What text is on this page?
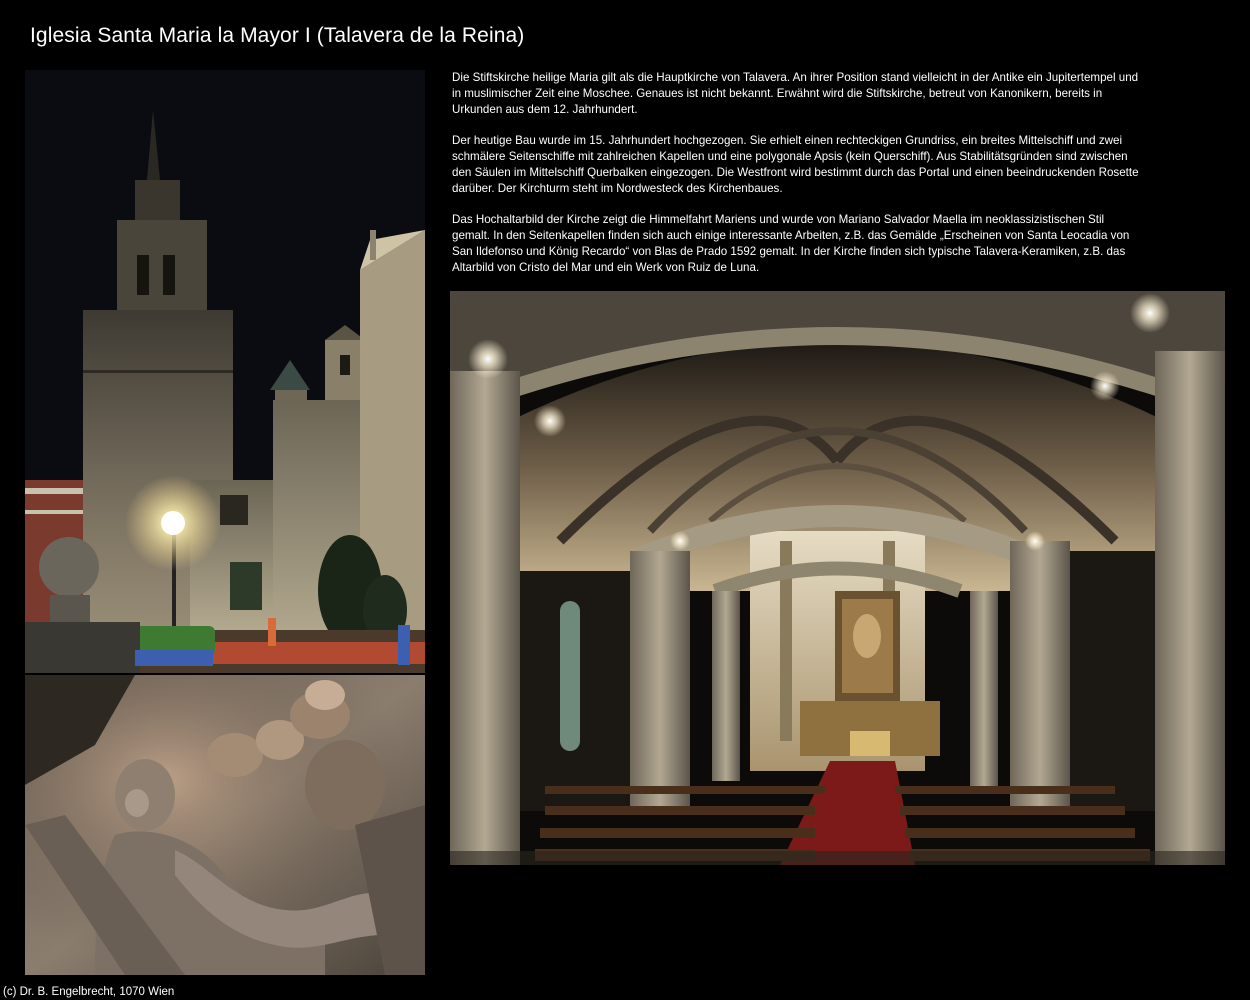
Iglesia Santa Maria la Mayor I (Talavera de la Reina)

Die Stiftskirche heilige Maria gilt als die Hauptkirche von Talavera. An ihrer Position stand vielleicht in der Antike ein Jupitertempel und in muslimischer Zeit eine Moschee. Genaues ist nicht bekannt. Erwähnt wird die Stiftskirche, betreut von Kanonikern, bereits in Urkunden aus dem 12. Jahrhundert.

Der heutige Bau wurde im 15. Jahrhundert hochgezogen. Sie erhielt einen rechteckigen Grundriss, ein breites Mittelschiff und zwei schmälere Seitenschiffe mit zahlreichen Kapellen und eine polygonale Apsis (kein Querschiff). Aus Stabilitätsgründen sind zwischen den Säulen im Mittelschiff Querbalken eingezogen. Die Westfront wird bestimmt durch das Portal und einen beeindruckenden Rosette darüber. Der Kirchturm steht im Nordwesteck des Kirchenbaues.

Das Hochaltarbild der Kirche zeigt die Himmelfahrt Mariens und wurde von Mariano Salvador Maella im neoklassizistischen Stil gemalt. In den Seitenkapellen finden sich auch einige interessante Arbeiten, z.B. das Gemälde „Erscheinen von Santa Leocadia von San Ildefonso und König Recardo“ von Blas de Prado 1592 gemalt. In der Kirche finden sich typische Talavera-Keramiken, z.B. das Altarbild von Cristo del Mar und ein Werk von Ruiz de Luna.

(c) Dr. B. Engelbrecht, 1070 Wien
